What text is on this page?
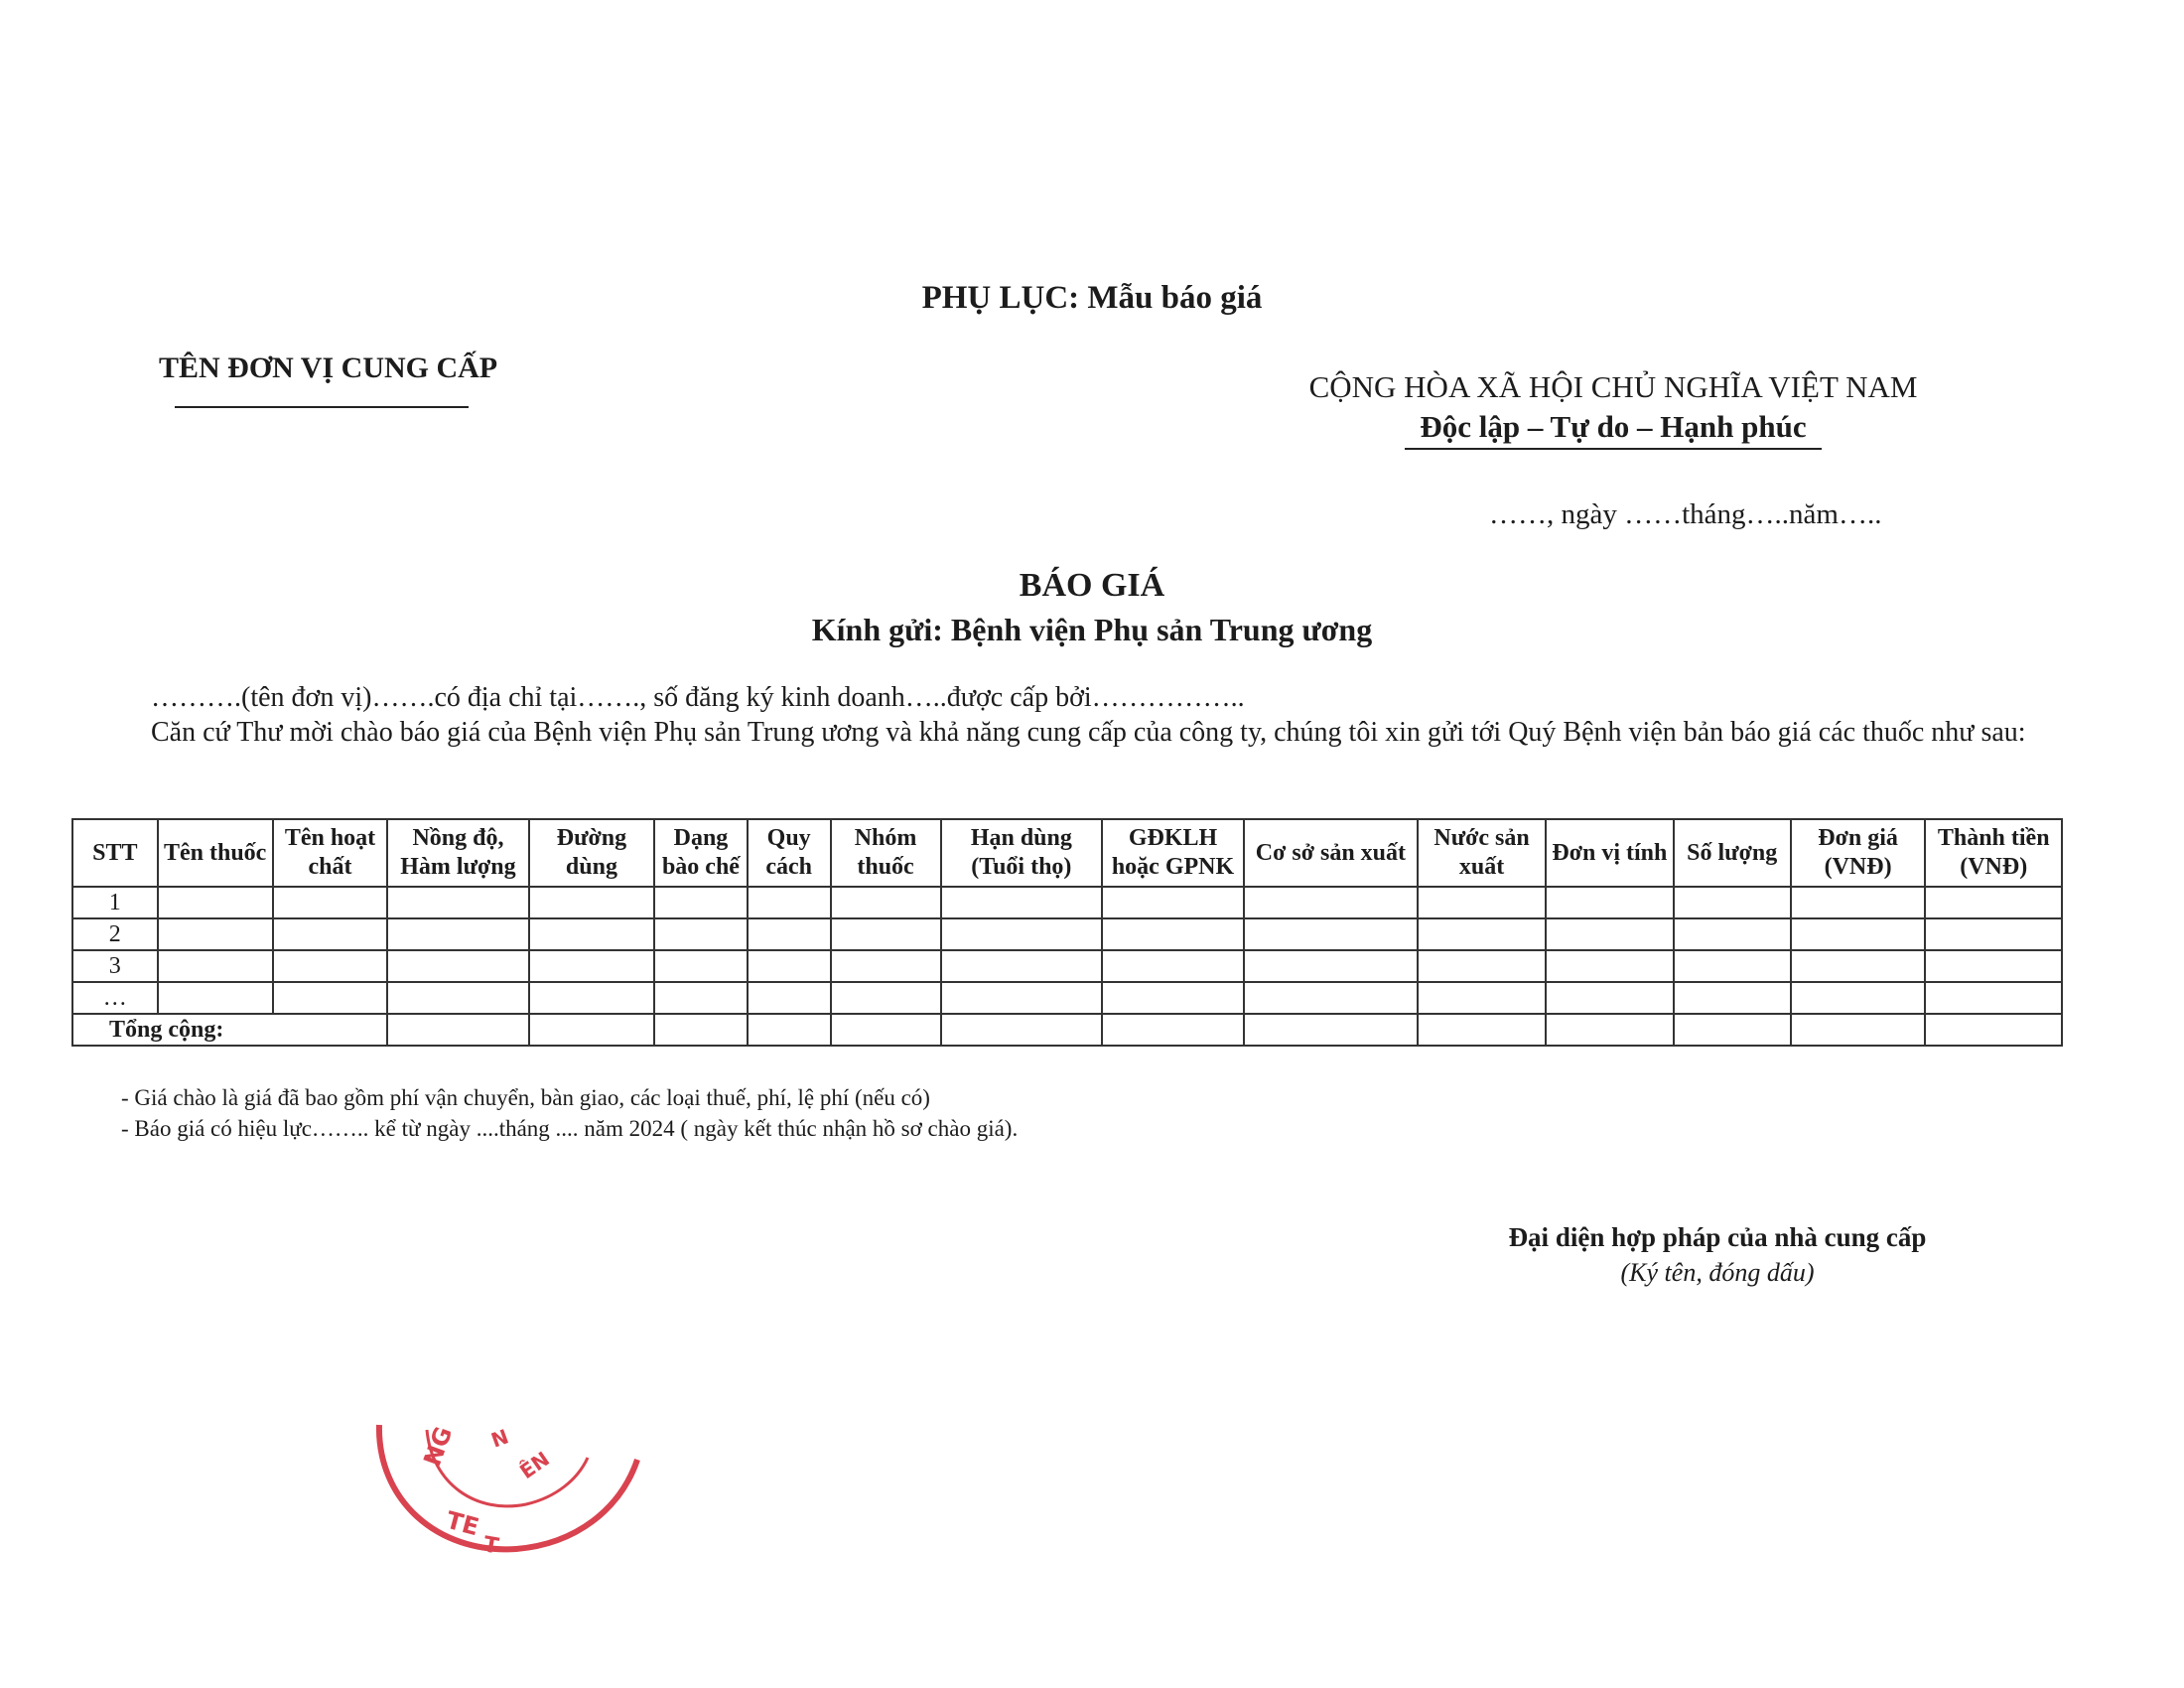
PHỤ LỤC: Mẫu báo giá
TÊN ĐƠN VỊ CUNG CẤP
CỘNG HÒA XÃ HỘI CHỦ NGHĨA VIỆT NAM
Độc lập – Tự do – Hạnh phúc
……, ngày ……tháng…..năm…..
BÁO GIÁ
Kính gửi: Bệnh viện Phụ sản Trung ương
……….(tên đơn vị)…….có địa chỉ tại……., số đăng ký kinh doanh…..được cấp bởi……………..
Căn cứ Thư mời chào báo giá của Bệnh viện Phụ sản Trung ương và khả năng cung cấp của công ty, chúng tôi xin gửi tới Quý Bệnh viện bản báo giá các thuốc như sau:
STT	Tên thuốc	Tên hoạt chất	Nồng độ, Hàm lượng	Đường dùng	Dạng bào chế	Quy cách	Nhóm thuốc	Hạn dùng (Tuổi thọ)	GĐKLH hoặc GPNK	Cơ sở sản xuất	Nước sản xuất	Đơn vị tính	Số lượng	Đơn giá (VNĐ)	Thành tiền (VNĐ)
1															
2															
3															
…															
Tổng cộng:															
- Giá chào là giá đã bao gồm phí vận chuyển, bàn giao, các loại thuế, phí, lệ phí (nếu có)
- Báo giá có hiệu lực…….. kể từ ngày ....tháng .... năm 2024 ( ngày kết thúc nhận hồ sơ chào giá).
Đại diện hợp pháp của nhà cung cấp
(Ký tên, đóng dấu)
NG N
ÊN
TE
T
